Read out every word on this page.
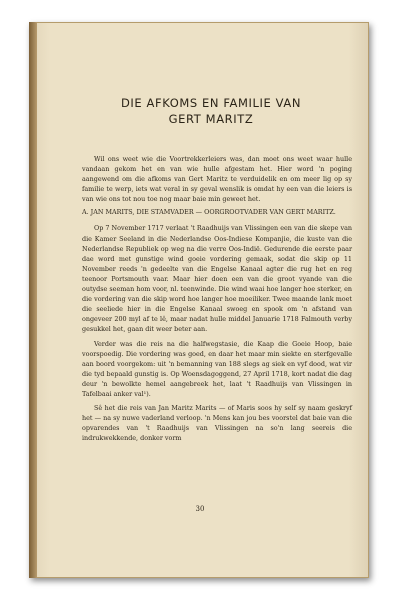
DIE AFKOMS EN FAMILIE VAN
GERT MARITZ

Wil ons weet wie die Voortrekkerleiers was, dan moet ons weet waar hulle vandaan gekom het en van wie hulle afgestam het. Hier word 'n poging aangewend om die afkoms van Gert Maritz te verduidelik en om meer lig op sy familie te werp, iets wat veral in sy geval wenslik is omdat hy een van die leiers is van wie ons tot nou toe nog maar baie min geweet het.

A. JAN MARITS, DIE STAMVADER — OORGROOTVADER VAN GERT MARITZ.

Op 7 November 1717 verlaat 't Raadhuijs van Vlissingen een van die skepe van die Kamer Seeland in die Nederlandse Oos-Indiese Kompanjie, die kuste van die Nederlandse Republiek op weg na die verre Oos-Indië. Gedurende die eerste paar dae word met gunstige wind goeie vordering gemaak, sodat die skip op 11 November reeds 'n gedeelte van die Engelse Kanaal agter die rug het en reg teenoor Portsmouth vaar. Maar hier doen een van die groot vyande van die outydse seeman hom voor, nl. teenwinde. Die wind waai hoe langer hoe sterker, en die vordering van die skip word hoe langer hoe moeiliker. Twee maande lank moet die seeliede hier in die Engelse Kanaal swoeg en spook om 'n afstand van ongeveer 200 myl af te lê, maar nadat hulle middel Januarie 1718 Falmouth verby gesukkel het, gaan dit weer beter aan.

Verder was die reis na die halfwegstasie, die Kaap die Goeie Hoop, baie voorspoedig. Die vordering was goed, en daar het maar min siekte en sterfgevalle aan boord voorgekom: uit 'n bemanning van 188 slegs ag siek en vyf dood, wat vir die tyd bepaald gunstig is. Op Woensdagoggend, 27 April 1718, kort nadat die dag deur 'n bewolkte hemel aangebreek het, laat 't Raadhuijs van Vlissingen in Tafelbaai anker val¹).

Sê het die reis van Jan Maritz Marits — of Maris soos hy self sy naam geskryf het — na sy nuwe vaderland verloop. 'n Mens kan jou bes voorstel dat baie van die opvarendes van 't Raadhuijs van Vlissingen na so'n lang seereis die indrukwekkende, donker vorm

30
